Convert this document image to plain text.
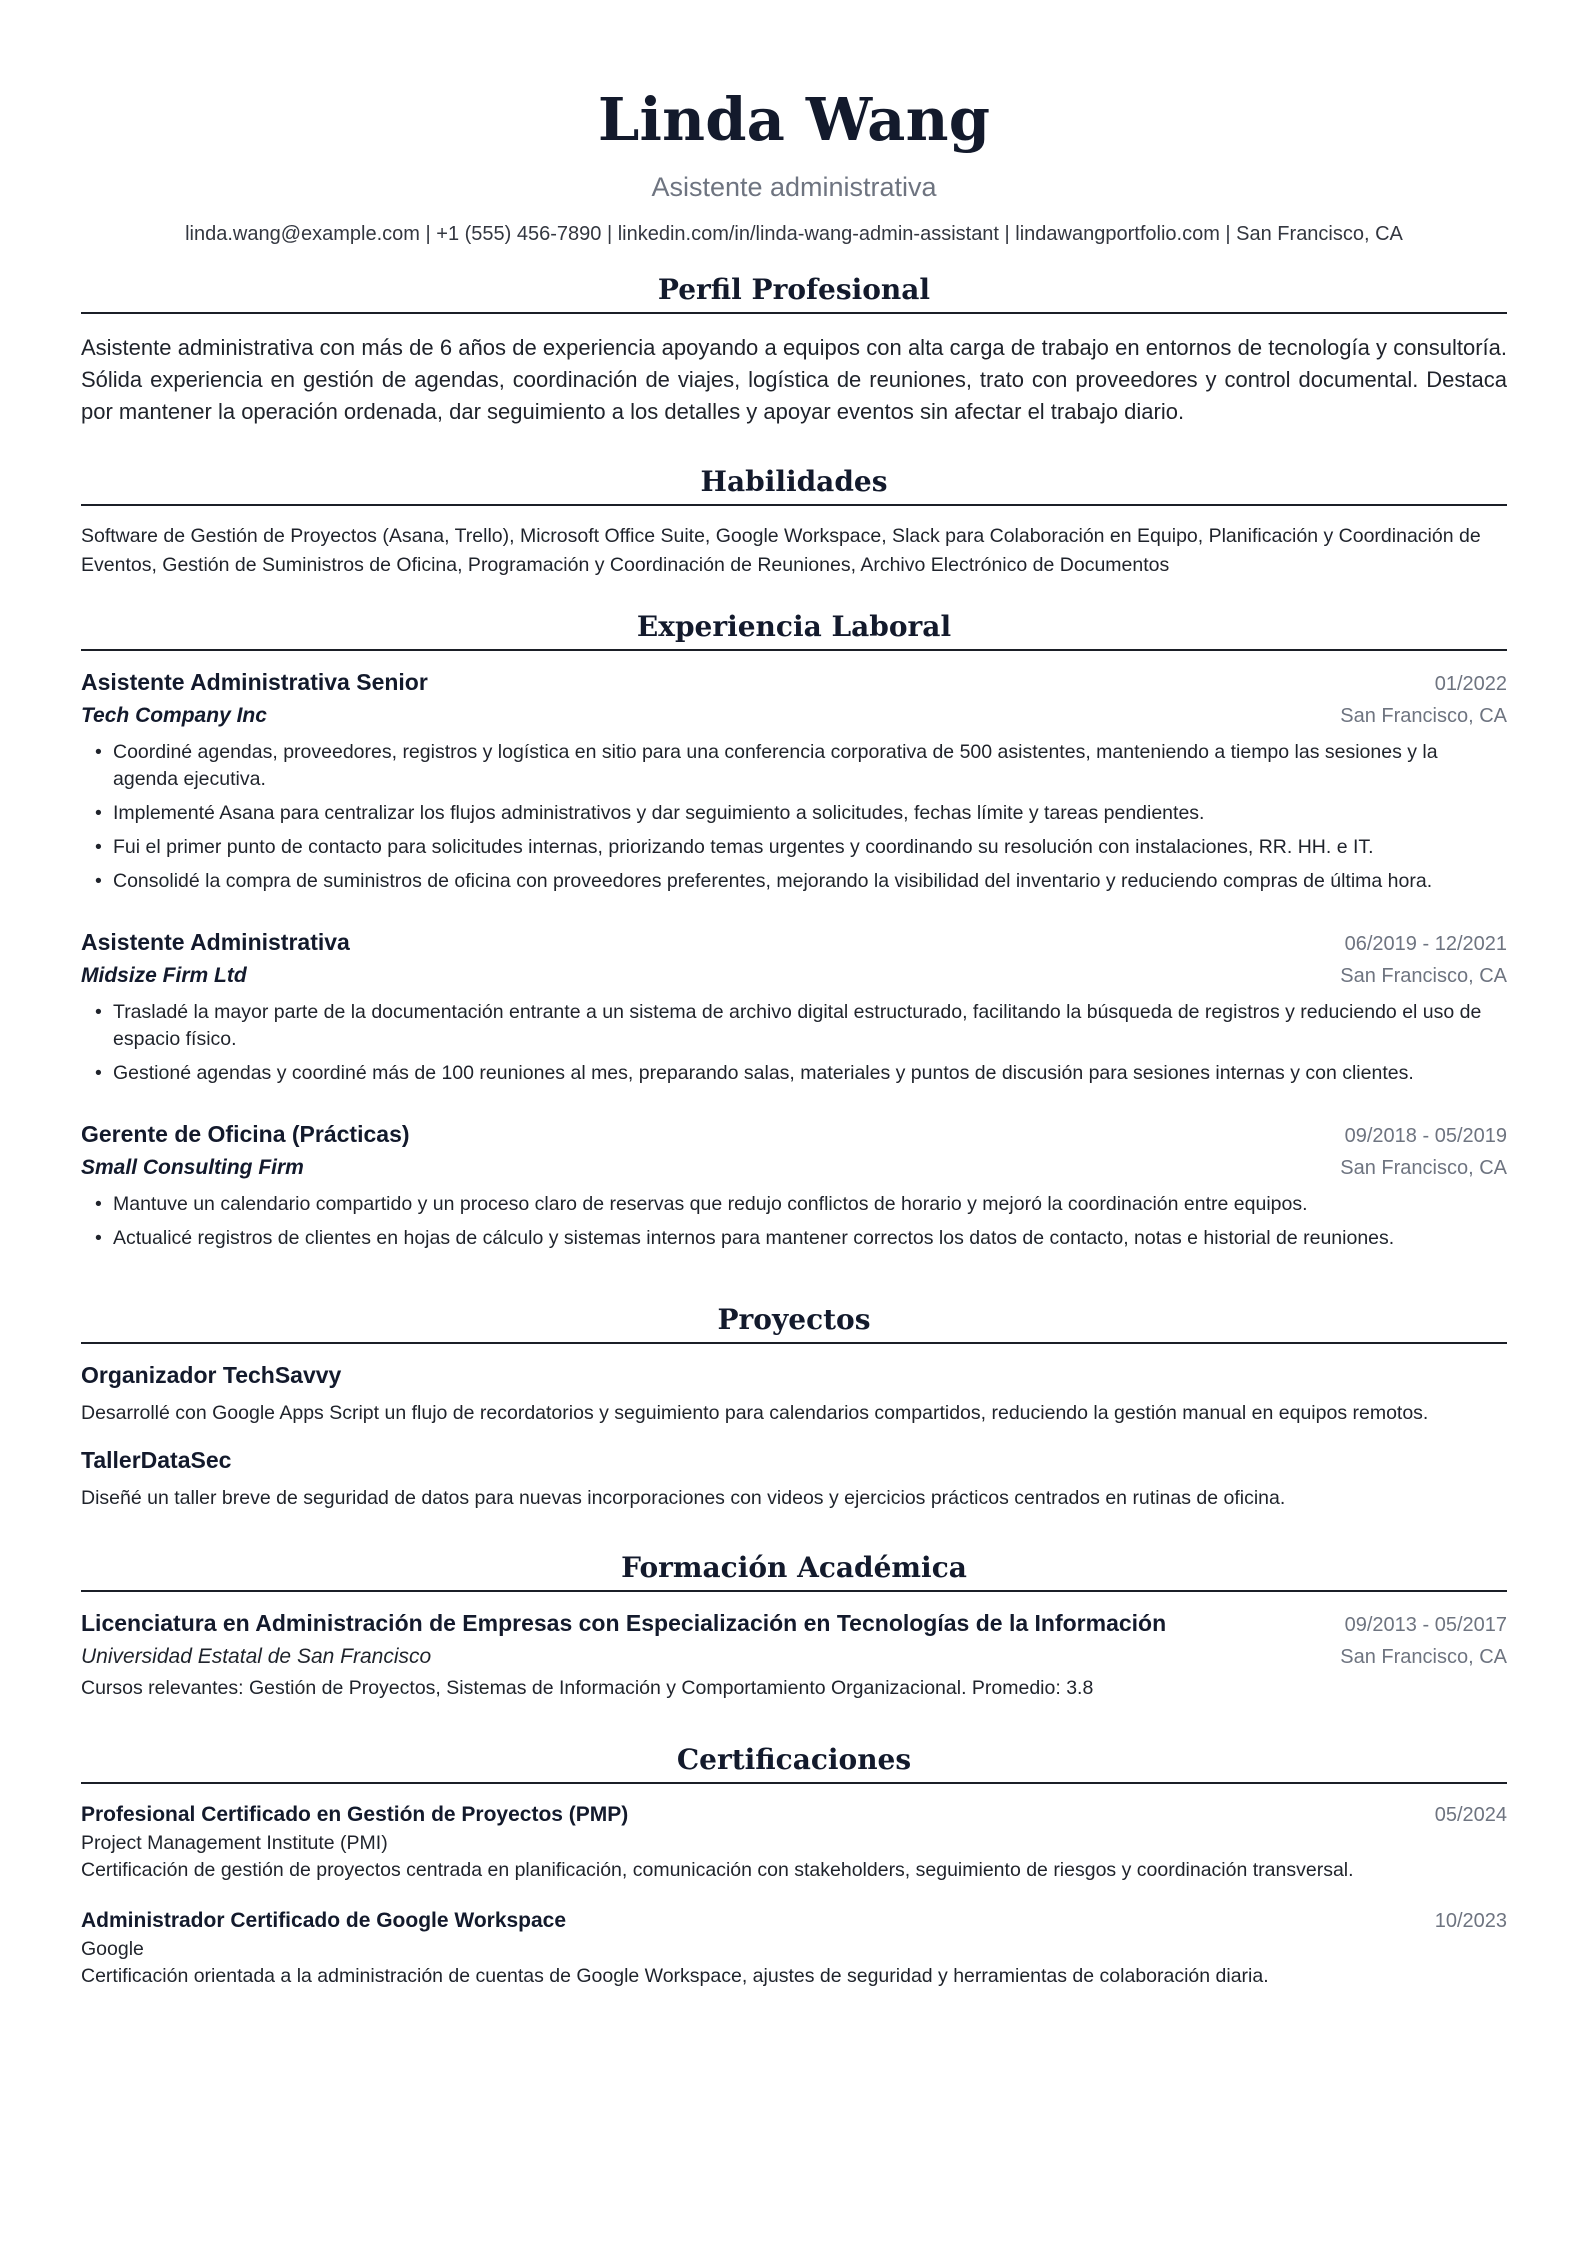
Linda Wang
Asistente administrativa
linda.wang@example.com | +1 (555) 456-7890 | linkedin.com/in/linda-wang-admin-assistant | lindawangportfolio.com | San Francisco, CA
Perfil Profesional
Asistente administrativa con más de 6 años de experiencia apoyando a equipos con alta carga de trabajo en entornos de tecnología y consultoría. Sólida experiencia en gestión de agendas, coordinación de viajes, logística de reuniones, trato con proveedores y control documental. Destaca por mantener la operación ordenada, dar seguimiento a los detalles y apoyar eventos sin afectar el trabajo diario.
Habilidades
Software de Gestión de Proyectos (Asana, Trello), Microsoft Office Suite, Google Workspace, Slack para Colaboración en Equipo, Planificación y Coordinación de Eventos, Gestión de Suministros de Oficina, Programación y Coordinación de Reuniones, Archivo Electrónico de Documentos
Experiencia Laboral
Asistente Administrativa Senior	01/2022
Tech Company Inc	San Francisco, CA
• Coordiné agendas, proveedores, registros y logística en sitio para una conferencia corporativa de 500 asistentes, manteniendo a tiempo las sesiones y la agenda ejecutiva.
• Implementé Asana para centralizar los flujos administrativos y dar seguimiento a solicitudes, fechas límite y tareas pendientes.
• Fui el primer punto de contacto para solicitudes internas, priorizando temas urgentes y coordinando su resolución con instalaciones, RR. HH. e IT.
• Consolidé la compra de suministros de oficina con proveedores preferentes, mejorando la visibilidad del inventario y reduciendo compras de última hora.
Asistente Administrativa	06/2019 - 12/2021
Midsize Firm Ltd	San Francisco, CA
• Trasladé la mayor parte de la documentación entrante a un sistema de archivo digital estructurado, facilitando la búsqueda de registros y reduciendo el uso de espacio físico.
• Gestioné agendas y coordiné más de 100 reuniones al mes, preparando salas, materiales y puntos de discusión para sesiones internas y con clientes.
Gerente de Oficina (Prácticas)	09/2018 - 05/2019
Small Consulting Firm	San Francisco, CA
• Mantuve un calendario compartido y un proceso claro de reservas que redujo conflictos de horario y mejoró la coordinación entre equipos.
• Actualicé registros de clientes en hojas de cálculo y sistemas internos para mantener correctos los datos de contacto, notas e historial de reuniones.
Proyectos
Organizador TechSavvy
Desarrollé con Google Apps Script un flujo de recordatorios y seguimiento para calendarios compartidos, reduciendo la gestión manual en equipos remotos.
TallerDataSec
Diseñé un taller breve de seguridad de datos para nuevas incorporaciones con videos y ejercicios prácticos centrados en rutinas de oficina.
Formación Académica
Licenciatura en Administración de Empresas con Especialización en Tecnologías de la Información	09/2013 - 05/2017
Universidad Estatal de San Francisco	San Francisco, CA
Cursos relevantes: Gestión de Proyectos, Sistemas de Información y Comportamiento Organizacional. Promedio: 3.8
Certificaciones
Profesional Certificado en Gestión de Proyectos (PMP)	05/2024
Project Management Institute (PMI)
Certificación de gestión de proyectos centrada en planificación, comunicación con stakeholders, seguimiento de riesgos y coordinación transversal.
Administrador Certificado de Google Workspace	10/2023
Google
Certificación orientada a la administración de cuentas de Google Workspace, ajustes de seguridad y herramientas de colaboración diaria.
